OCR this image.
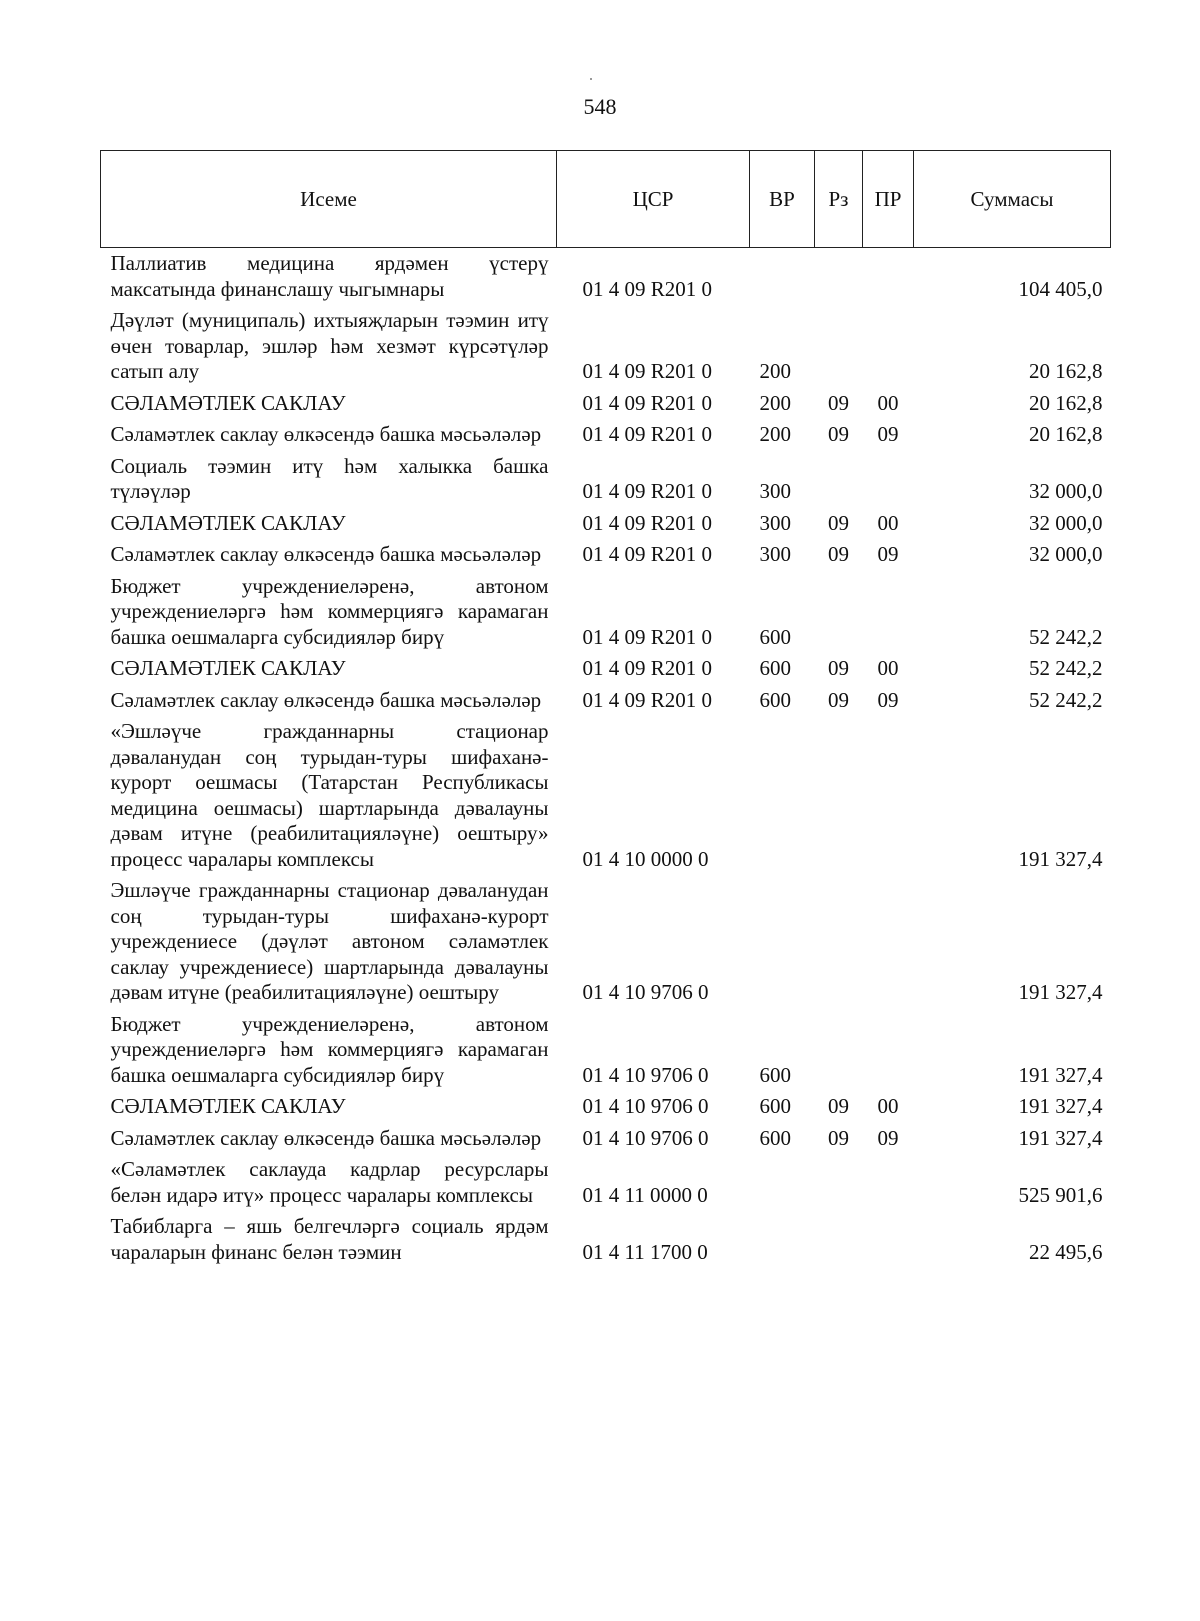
548
Исеме	ЦСР	ВР	Рз	ПР	Суммасы
Паллиатив медицина ярдәмен үстерү максатында финанслашу чыгымнары	01 4 09 R201 0				104 405,0
Дәүләт (муниципаль) ихтыяҗларын тәэмин итү өчен товарлар, эшләр һәм хезмәт күрсәтүләр сатып алу	01 4 09 R201 0	200			20 162,8
СӘЛАМӘТЛЕК САКЛАУ	01 4 09 R201 0	200	09	00	20 162,8
Сәламәтлек саклау өлкәсендә башка мәсьәләләр	01 4 09 R201 0	200	09	09	20 162,8
Социаль тәэмин итү һәм халыкка башка түләүләр	01 4 09 R201 0	300			32 000,0
СӘЛАМӘТЛЕК САКЛАУ	01 4 09 R201 0	300	09	00	32 000,0
Сәламәтлек саклау өлкәсендә башка мәсьәләләр	01 4 09 R201 0	300	09	09	32 000,0
Бюджет учреждениеләренә, автоном учреждениеләргә һәм коммерциягә карамаган башка оешмаларга субсидияләр бирү	01 4 09 R201 0	600			52 242,2
СӘЛАМӘТЛЕК САКЛАУ	01 4 09 R201 0	600	09	00	52 242,2
Сәламәтлек саклау өлкәсендә башка мәсьәләләр	01 4 09 R201 0	600	09	09	52 242,2
«Эшләүче гражданнарны стационар дәваланудан соң турыдан-туры шифаханә-курорт оешмасы (Татарстан Республикасы медицина оешмасы) шартларында дәвалауны дәвам итүне (реабилитацияләүне) оештыру» процесс чаралары комплексы	01 4 10 0000 0				191 327,4
Эшләүче гражданнарны стационар дәваланудан соң турыдан-туры шифаханә-курорт учреждениесе (дәүләт автоном сәламәтлек саклау учреждениесе) шартларында дәвалауны дәвам итүне (реабилитацияләүне) оештыру	01 4 10 9706 0				191 327,4
Бюджет учреждениеләренә, автоном учреждениеләргә һәм коммерциягә карамаган башка оешмаларга субсидияләр бирү	01 4 10 9706 0	600			191 327,4
СӘЛАМӘТЛЕК САКЛАУ	01 4 10 9706 0	600	09	00	191 327,4
Сәламәтлек саклау өлкәсендә башка мәсьәләләр	01 4 10 9706 0	600	09	09	191 327,4
«Сәламәтлек саклауда кадрлар ресурслары белән идарә итү» процесс чаралары комплексы	01 4 11 0000 0				525 901,6
Табибларга – яшь белгечләргә социаль ярдәм чараларын финанс белән тәэмин	01 4 11 1700 0				22 495,6
